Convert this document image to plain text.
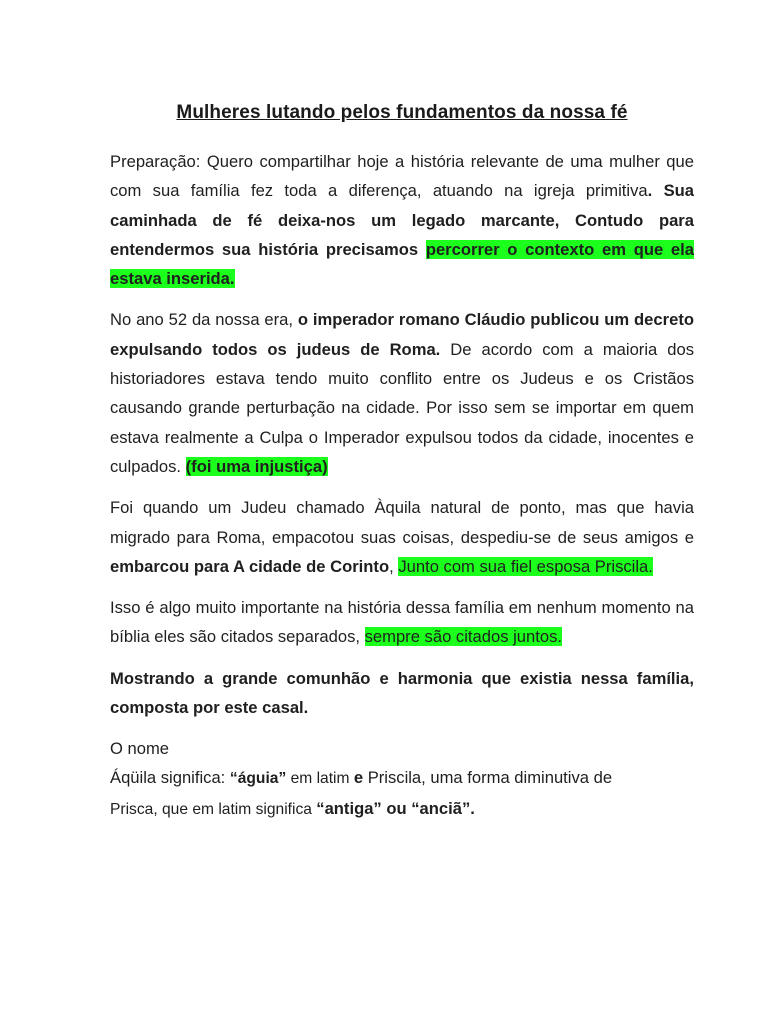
Mulheres lutando pelos fundamentos da nossa fé

Preparação: Quero compartilhar hoje a história relevante de uma mulher que com sua família fez toda a diferença, atuando na igreja primitiva. Sua caminhada de fé deixa-nos um legado marcante, Contudo para entendermos sua história precisamos percorrer o contexto em que ela estava inserida.

No ano 52 da nossa era, o imperador romano Cláudio publicou um decreto expulsando todos os judeus de Roma. De acordo com a maioria dos historiadores estava tendo muito conflito entre os Judeus e os Cristãos causando grande perturbação na cidade. Por isso sem se importar em quem estava realmente a Culpa o Imperador expulsou todos da cidade, inocentes e culpados. (foi uma injustiça)

Foi quando um Judeu chamado Àquila natural de ponto, mas que havia migrado para Roma, empacotou suas coisas, despediu-se de seus amigos e embarcou para A cidade de Corinto, Junto com sua fiel esposa Priscila.

Isso é algo muito importante na história dessa família em nenhum momento na bíblia eles são citados separados, sempre são citados juntos.

Mostrando a grande comunhão e harmonia que existia nessa família, composta por este casal.

O nome
Áqüila significa: “águia” em latim e Priscila, uma forma diminutiva de
Prisca, que em latim significa “antiga” ou “anciã”.
